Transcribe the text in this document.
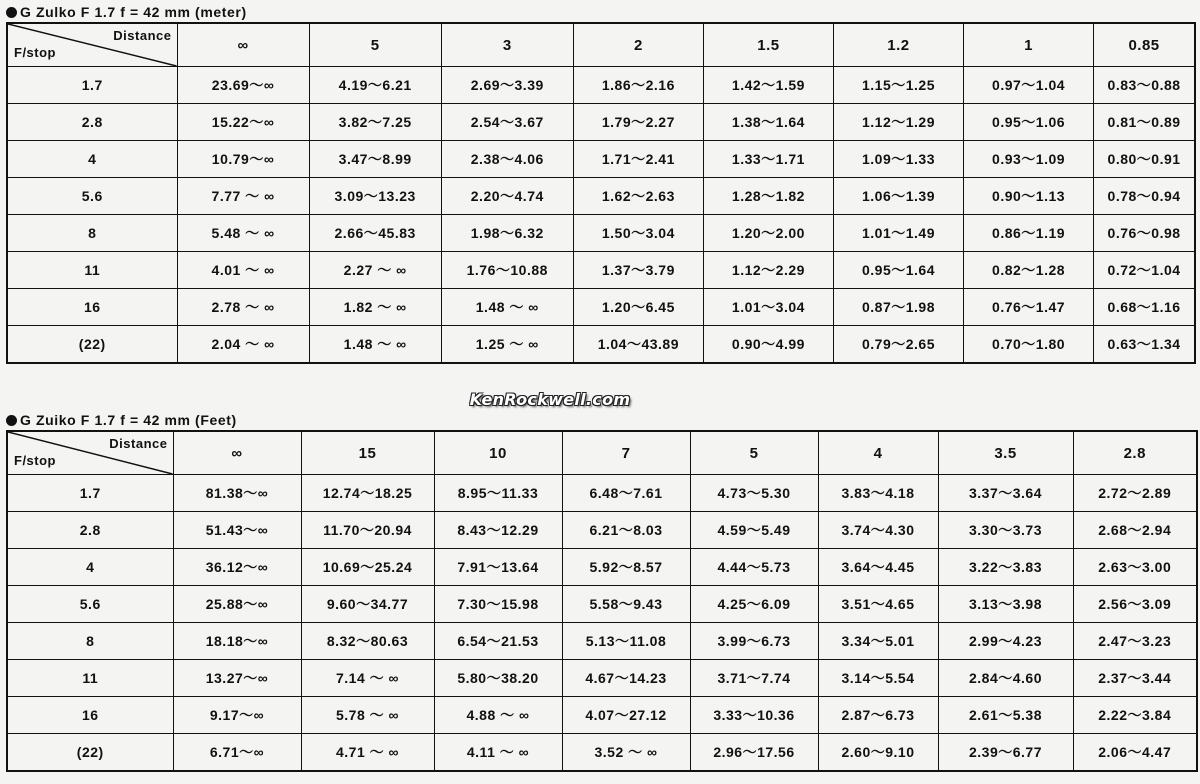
G Zulko F 1.7 f = 42 mm (meter)
Distance
F/stop	∞	5	3	2	1.5	1.2	1	0.85
1.7	23.69～∞	4.19～6.21	2.69～3.39	1.86～2.16	1.42～1.59	1.15～1.25	0.97～1.04	0.83～0.88
2.8	15.22～∞	3.82～7.25	2.54～3.67	1.79～2.27	1.38～1.64	1.12～1.29	0.95～1.06	0.81～0.89
4	10.79～∞	3.47～8.99	2.38～4.06	1.71～2.41	1.33～1.71	1.09～1.33	0.93～1.09	0.80～0.91
5.6	7.77 ～ ∞	3.09～13.23	2.20～4.74	1.62～2.63	1.28～1.82	1.06～1.39	0.90～1.13	0.78～0.94
8	5.48 ～ ∞	2.66～45.83	1.98～6.32	1.50～3.04	1.20～2.00	1.01～1.49	0.86～1.19	0.76～0.98
11	4.01 ～ ∞	2.27 ～ ∞	1.76～10.88	1.37～3.79	1.12～2.29	0.95～1.64	0.82～1.28	0.72～1.04
16	2.78 ～ ∞	1.82 ～ ∞	1.48 ～ ∞	1.20～6.45	1.01～3.04	0.87～1.98	0.76～1.47	0.68～1.16
(22)	2.04 ～ ∞	1.48 ～ ∞	1.25 ～ ∞	1.04～43.89	0.90～4.99	0.79～2.65	0.70～1.80	0.63～1.34
KenRockwell.com
G Zuiko F 1.7 f = 42 mm (Feet)
Distance
F/stop	∞	15	10	7	5	4	3.5	2.8
1.7	81.38～∞	12.74～18.25	8.95～11.33	6.48～7.61	4.73～5.30	3.83～4.18	3.37～3.64	2.72～2.89
2.8	51.43～∞	11.70～20.94	8.43～12.29	6.21～8.03	4.59～5.49	3.74～4.30	3.30～3.73	2.68～2.94
4	36.12～∞	10.69～25.24	7.91～13.64	5.92～8.57	4.44～5.73	3.64～4.45	3.22～3.83	2.63～3.00
5.6	25.88～∞	9.60～34.77	7.30～15.98	5.58～9.43	4.25～6.09	3.51～4.65	3.13～3.98	2.56～3.09
8	18.18～∞	8.32～80.63	6.54～21.53	5.13～11.08	3.99～6.73	3.34～5.01	2.99～4.23	2.47～3.23
11	13.27～∞	7.14 ～ ∞	5.80～38.20	4.67～14.23	3.71～7.74	3.14～5.54	2.84～4.60	2.37～3.44
16	9.17～∞	5.78 ～ ∞	4.88 ～ ∞	4.07～27.12	3.33～10.36	2.87～6.73	2.61～5.38	2.22～3.84
(22)	6.71～∞	4.71 ～ ∞	4.11 ～ ∞	3.52 ～ ∞	2.96～17.56	2.60～9.10	2.39～6.77	2.06～4.47
